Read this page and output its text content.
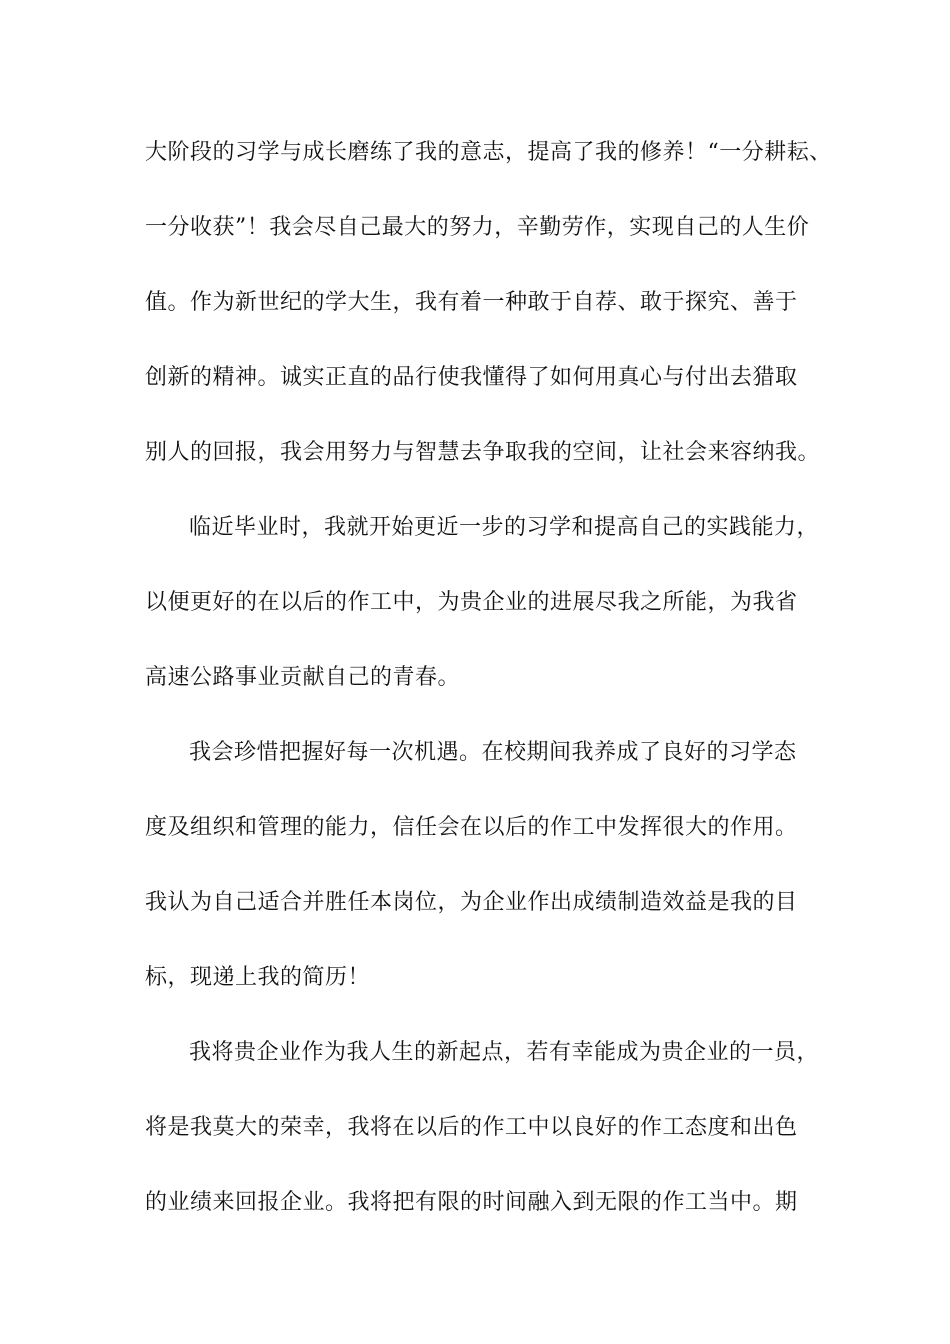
大阶段的习学与成长磨练了我的意志，提高了我的修养！“一分耕耘、
一分收获”！我会尽自己最大的努力，辛勤劳作，实现自己的人生价
值。作为新世纪的学大生，我有着一种敢于自荐、敢于探究、善于
创新的精神。诚实正直的品行使我懂得了如何用真心与付出去猎取
别人的回报，我会用努力与智慧去争取我的空间，让社会来容纳我。
临近毕业时，我就开始更近一步的习学和提高自己的实践能力，
以便更好的在以后的作工中，为贵企业的进展尽我之所能，为我省
高速公路事业贡献自己的青春。
我会珍惜把握好每一次机遇。在校期间我养成了良好的习学态
度及组织和管理的能力，信任会在以后的作工中发挥很大的作用。
我认为自己适合并胜任本岗位，为企业作出成绩制造效益是我的目
标，现递上我的简历！
我将贵企业作为我人生的新起点，若有幸能成为贵企业的一员，
将是我莫大的荣幸，我将在以后的作工中以良好的作工态度和出色
的业绩来回报企业。我将把有限的时间融入到无限的作工当中。期
